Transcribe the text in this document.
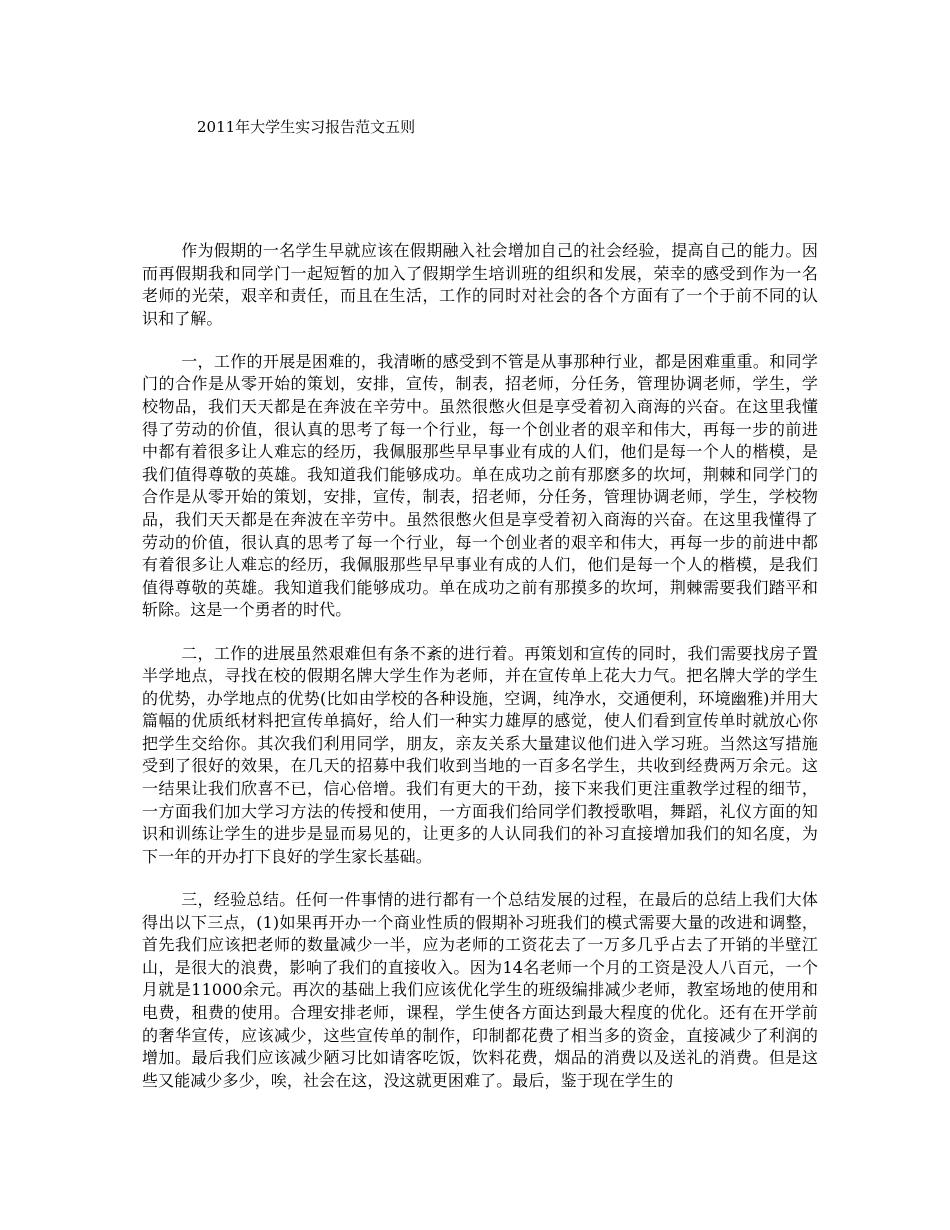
2011年大学生实习报告范文五则

作为假期的一名学生早就应该在假期融入社会增加自己的社会经验，提高自己的能力。因而再假期我和同学门一起短暂的加入了假期学生培训班的组织和发展，荣幸的感受到作为一名老师的光荣，艰辛和责任，而且在生活，工作的同时对社会的各个方面有了一个于前不同的认识和了解。

一，工作的开展是困难的，我清晰的感受到不管是从事那种行业，都是困难重重。和同学门的合作是从零开始的策划，安排，宣传，制表，招老师，分任务，管理协调老师，学生，学校物品，我们天天都是在奔波在辛劳中。虽然很憋火但是享受着初入商海的兴奋。在这里我懂得了劳动的价值，很认真的思考了每一个行业，每一个创业者的艰辛和伟大，再每一步的前进中都有着很多让人难忘的经历，我佩服那些早早事业有成的人们，他们是每一个人的楷模，是我们值得尊敬的英雄。我知道我们能够成功。单在成功之前有那麽多的坎坷，荆棘和同学门的合作是从零开始的策划，安排，宣传，制表，招老师，分任务，管理协调老师，学生，学校物品，我们天天都是在奔波在辛劳中。虽然很憋火但是享受着初入商海的兴奋。在这里我懂得了劳动的价值，很认真的思考了每一个行业，每一个创业者的艰辛和伟大，再每一步的前进中都有着很多让人难忘的经历，我佩服那些早早事业有成的人们，他们是每一个人的楷模，是我们值得尊敬的英雄。我知道我们能够成功。单在成功之前有那摸多的坎坷，荆棘需要我们踏平和斩除。这是一个勇者的时代。

二，工作的进展虽然艰难但有条不紊的进行着。再策划和宣传的同时，我们需要找房子置半学地点，寻找在校的假期名牌大学生作为老师，并在宣传单上花大力气。把名牌大学的学生的优势，办学地点的优势(比如由学校的各种设施，空调，纯净水，交通便利，环境幽雅)并用大篇幅的优质纸材料把宣传单搞好，给人们一种实力雄厚的感觉，使人们看到宣传单时就放心你把学生交给你。其次我们利用同学，朋友，亲友关系大量建议他们进入学习班。当然这写措施受到了很好的效果，在几天的招募中我们收到当地的一百多名学生，共收到经费两万余元。这一结果让我们欣喜不已，信心倍增。我们有更大的干劲，接下来我们更注重教学过程的细节，一方面我们加大学习方法的传授和使用，一方面我们给同学们教授歌唱，舞蹈，礼仪方面的知识和训练让学生的进步是显而易见的，让更多的人认同我们的补习直接增加我们的知名度，为下一年的开办打下良好的学生家长基础。

三，经验总结。任何一件事情的进行都有一个总结发展的过程，在最后的总结上我们大体得出以下三点，(1)如果再开办一个商业性质的假期补习班我们的模式需要大量的改进和调整，首先我们应该把老师的数量减少一半，应为老师的工资花去了一万多几乎占去了开销的半壁江山，是很大的浪费，影响了我们的直接收入。因为14名老师一个月的工资是没人八百元，一个月就是11000余元。再次的基础上我们应该优化学生的班级编排减少老师，教室场地的使用和电费，租费的使用。合理安排老师，课程，学生使各方面达到最大程度的优化。还有在开学前的奢华宣传，应该减少，这些宣传单的制作，印制都花费了相当多的资金，直接减少了利润的增加。最后我们应该减少陋习比如请客吃饭，饮料花费，烟品的消费以及送礼的消费。但是这些又能减少多少，唉，社会在这，没这就更困难了。最后，鉴于现在学生的
